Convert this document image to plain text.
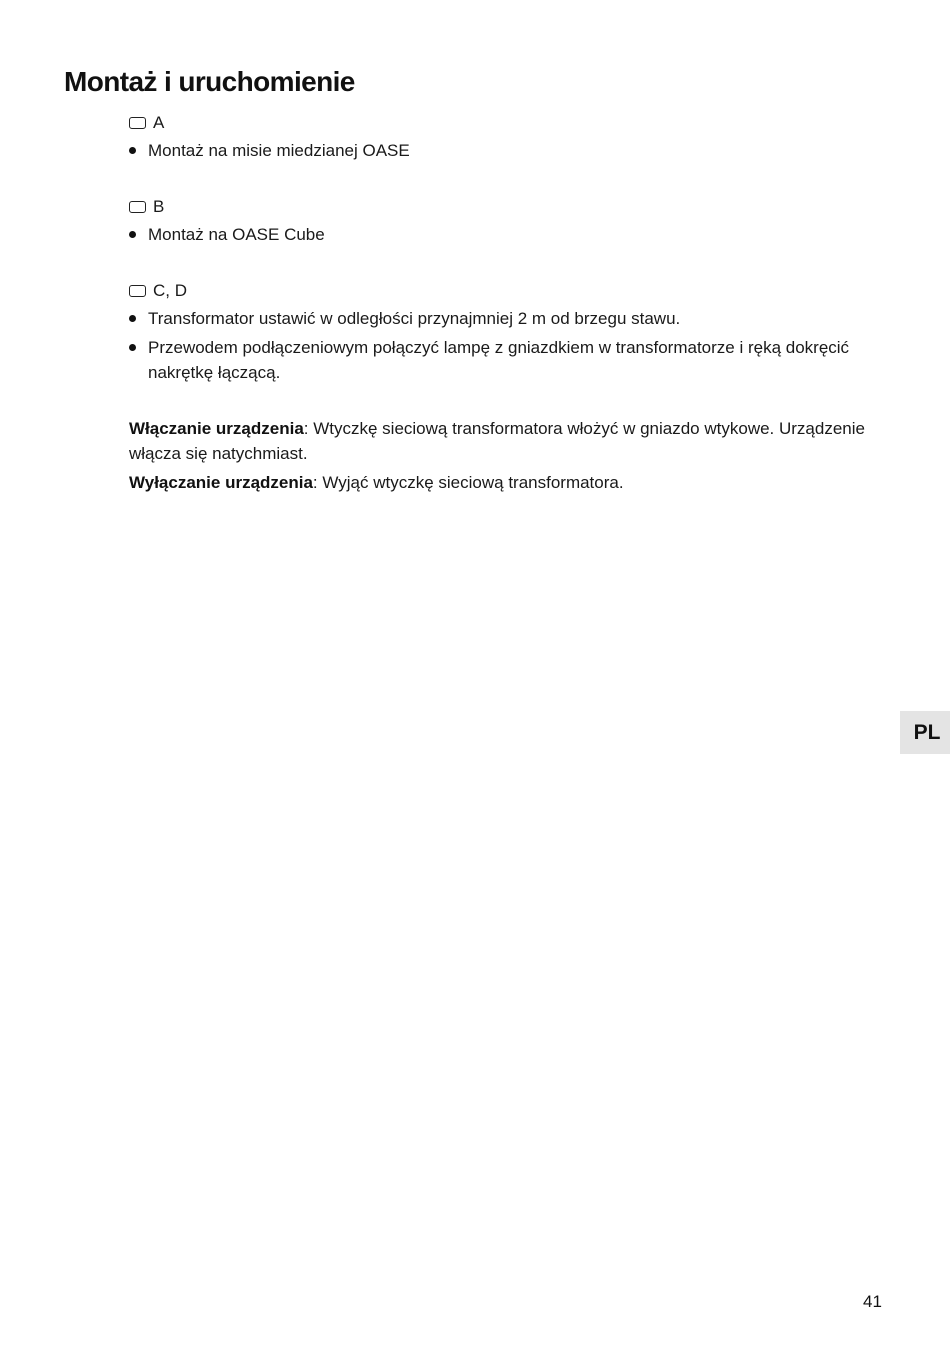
Montaż i uruchomienie
A
Montaż na misie miedzianej OASE
B
Montaż na OASE Cube
C, D
Transformator ustawić w odległości przynajmniej 2 m od brzegu stawu.
Przewodem podłączeniowym połączyć lampę z gniazdkiem w transformatorze i ręką dokręcić nakrętkę łączącą.

Włączanie urządzenia: Wtyczkę sieciową transformatora włożyć w gniazdo wtykowe. Urządzenie włącza się natychmiast.

Wyłączanie urządzenia: Wyjąć wtyczkę sieciową transformatora.

PL
41
